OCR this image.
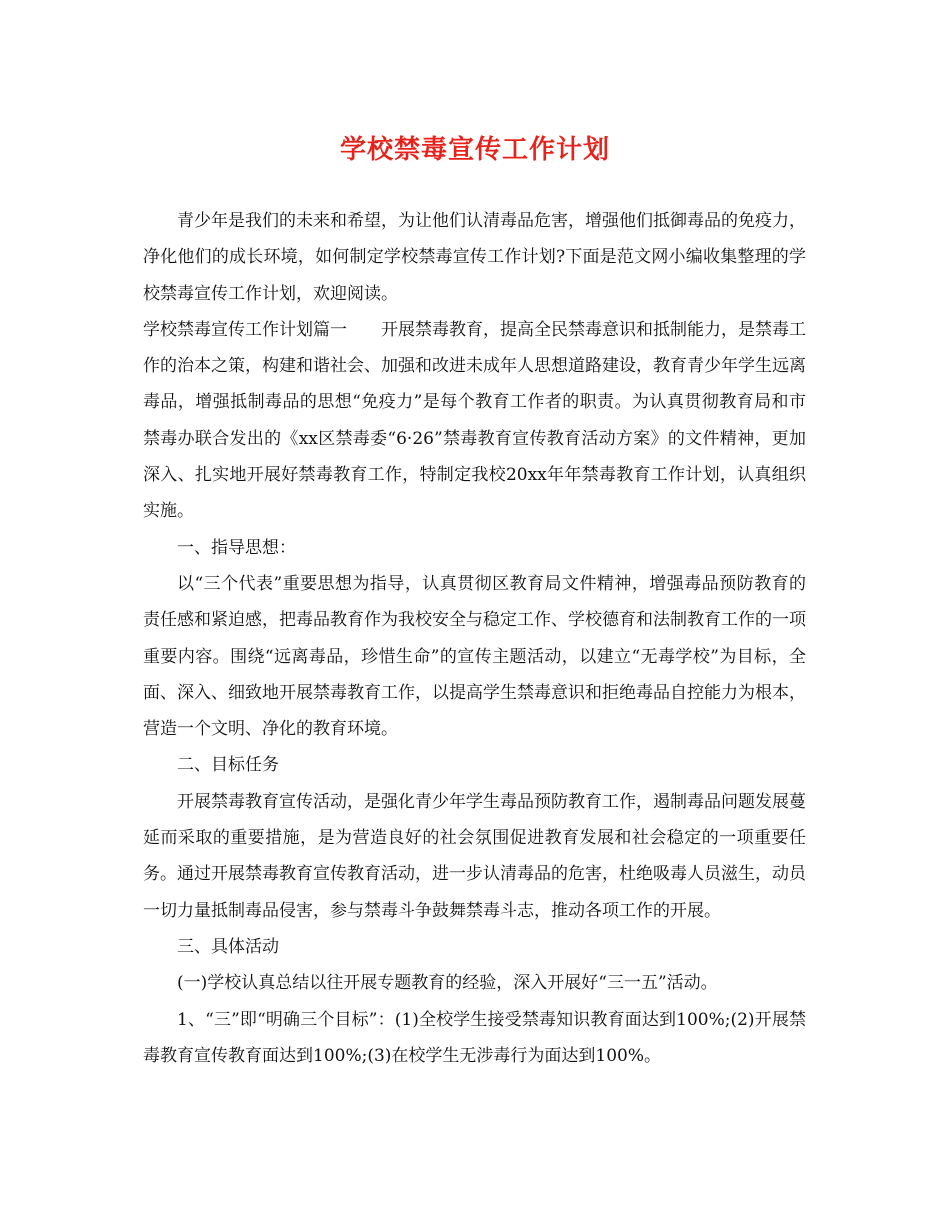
学校禁毒宣传工作计划

青少年是我们的未来和希望，为让他们认清毒品危害，增强他们抵御毒品的免疫力，净化他们的成长环境，如何制定学校禁毒宣传工作计划?下面是范文网小编收集整理的学校禁毒宣传工作计划，欢迎阅读。

学校禁毒宣传工作计划篇一 开展禁毒教育，提高全民禁毒意识和抵制能力，是禁毒工作的治本之策，构建和谐社会、加强和改进未成年人思想道路建设，教育青少年学生远离毒品，增强抵制毒品的思想“免疫力”是每个教育工作者的职责。为认真贯彻教育局和市禁毒办联合发出的《xx区禁毒委“6·26”禁毒教育宣传教育活动方案》的文件精神，更加深入、扎实地开展好禁毒教育工作，特制定我校20xx年年禁毒教育工作计划，认真组织实施。

一、指导思想：

以“三个代表”重要思想为指导，认真贯彻区教育局文件精神，增强毒品预防教育的责任感和紧迫感，把毒品教育作为我校安全与稳定工作、学校德育和法制教育工作的一项重要内容。围绕“远离毒品，珍惜生命”的宣传主题活动，以建立“无毒学校”为目标，全面、深入、细致地开展禁毒教育工作，以提高学生禁毒意识和拒绝毒品自控能力为根本，营造一个文明、净化的教育环境。

二、目标任务

开展禁毒教育宣传活动，是强化青少年学生毒品预防教育工作，遏制毒品问题发展蔓延而采取的重要措施，是为营造良好的社会氛围促进教育发展和社会稳定的一项重要任务。通过开展禁毒教育宣传教育活动，进一步认清毒品的危害，杜绝吸毒人员滋生，动员一切力量抵制毒品侵害，参与禁毒斗争鼓舞禁毒斗志，推动各项工作的开展。

三、具体活动

(一)学校认真总结以往开展专题教育的经验，深入开展好“三一五”活动。

1、“三”即“明确三个目标”：(1)全校学生接受禁毒知识教育面达到100%;(2)开展禁毒教育宣传教育面达到100%;(3)在校学生无涉毒行为面达到100%。
